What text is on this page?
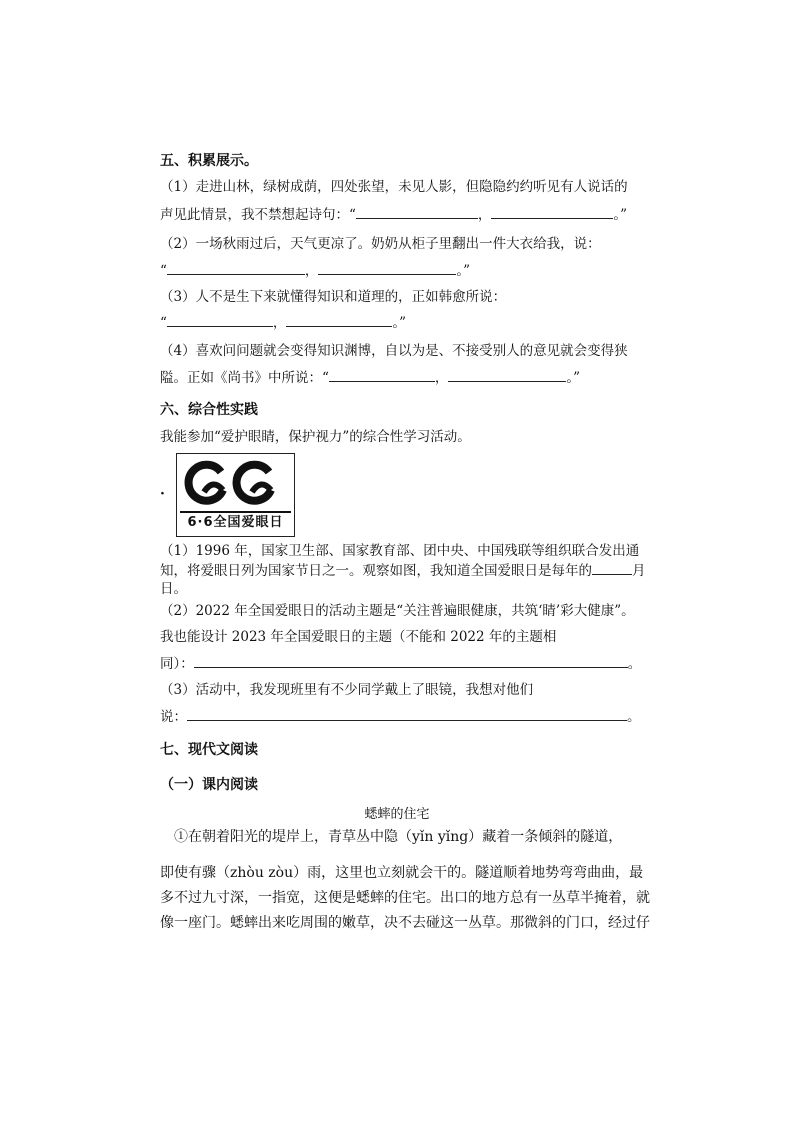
五、积累展示。
（1）走进山林，绿树成荫，四处张望，未见人影，但隐隐约约听见有人说话的
声见此情景，我不禁想起诗句：“	，	。”
（2）一场秋雨过后，天气更凉了。奶奶从柜子里翻出一件大衣给我，说：
“	，	。”
（3）人不是生下来就懂得知识和道理的，正如韩愈所说：
“	，	。”
（4）喜欢问问题就会变得知识渊博，自以为是、不接受别人的意见就会变得狭
隘。正如《尚书》中所说：“	，	。”
六、综合性实践
我能参加“爱护眼睛，保护视力”的综合性学习活动。
·
6·6全国爱眼日
（1）1996 年，国家卫生部、国家教育部、团中央、中国残联等组织联合发出通
知，将爱眼日列为国家节日之一。观察如图，我知道全国爱眼日是每年的	月
日。
（2）2022 年全国爱眼日的活动主题是“关注普遍眼健康，共筑‘睛’彩大健康”。
我也能设计 2023 年全国爱眼日的主题（不能和 2022 年的主题相
同）：	。
（3）活动中，我发现班里有不少同学戴上了眼镜，我想对他们
说：	。
七、现代文阅读
（一）课内阅读
蟋蟀的住宅
①在朝着阳光的堤岸上，青草丛中隐（yǐn yǐng）藏着一条倾斜的隧道，
即使有骤（zhòu zòu）雨，这里也立刻就会干的。隧道顺着地势弯弯曲曲，最
多不过九寸深，一指宽，这便是蟋蟀的住宅。出口的地方总有一丛草半掩着，就
像一座门。蟋蟀出来吃周围的嫩草，决不去碰这一丛草。那微斜的门口，经过仔
